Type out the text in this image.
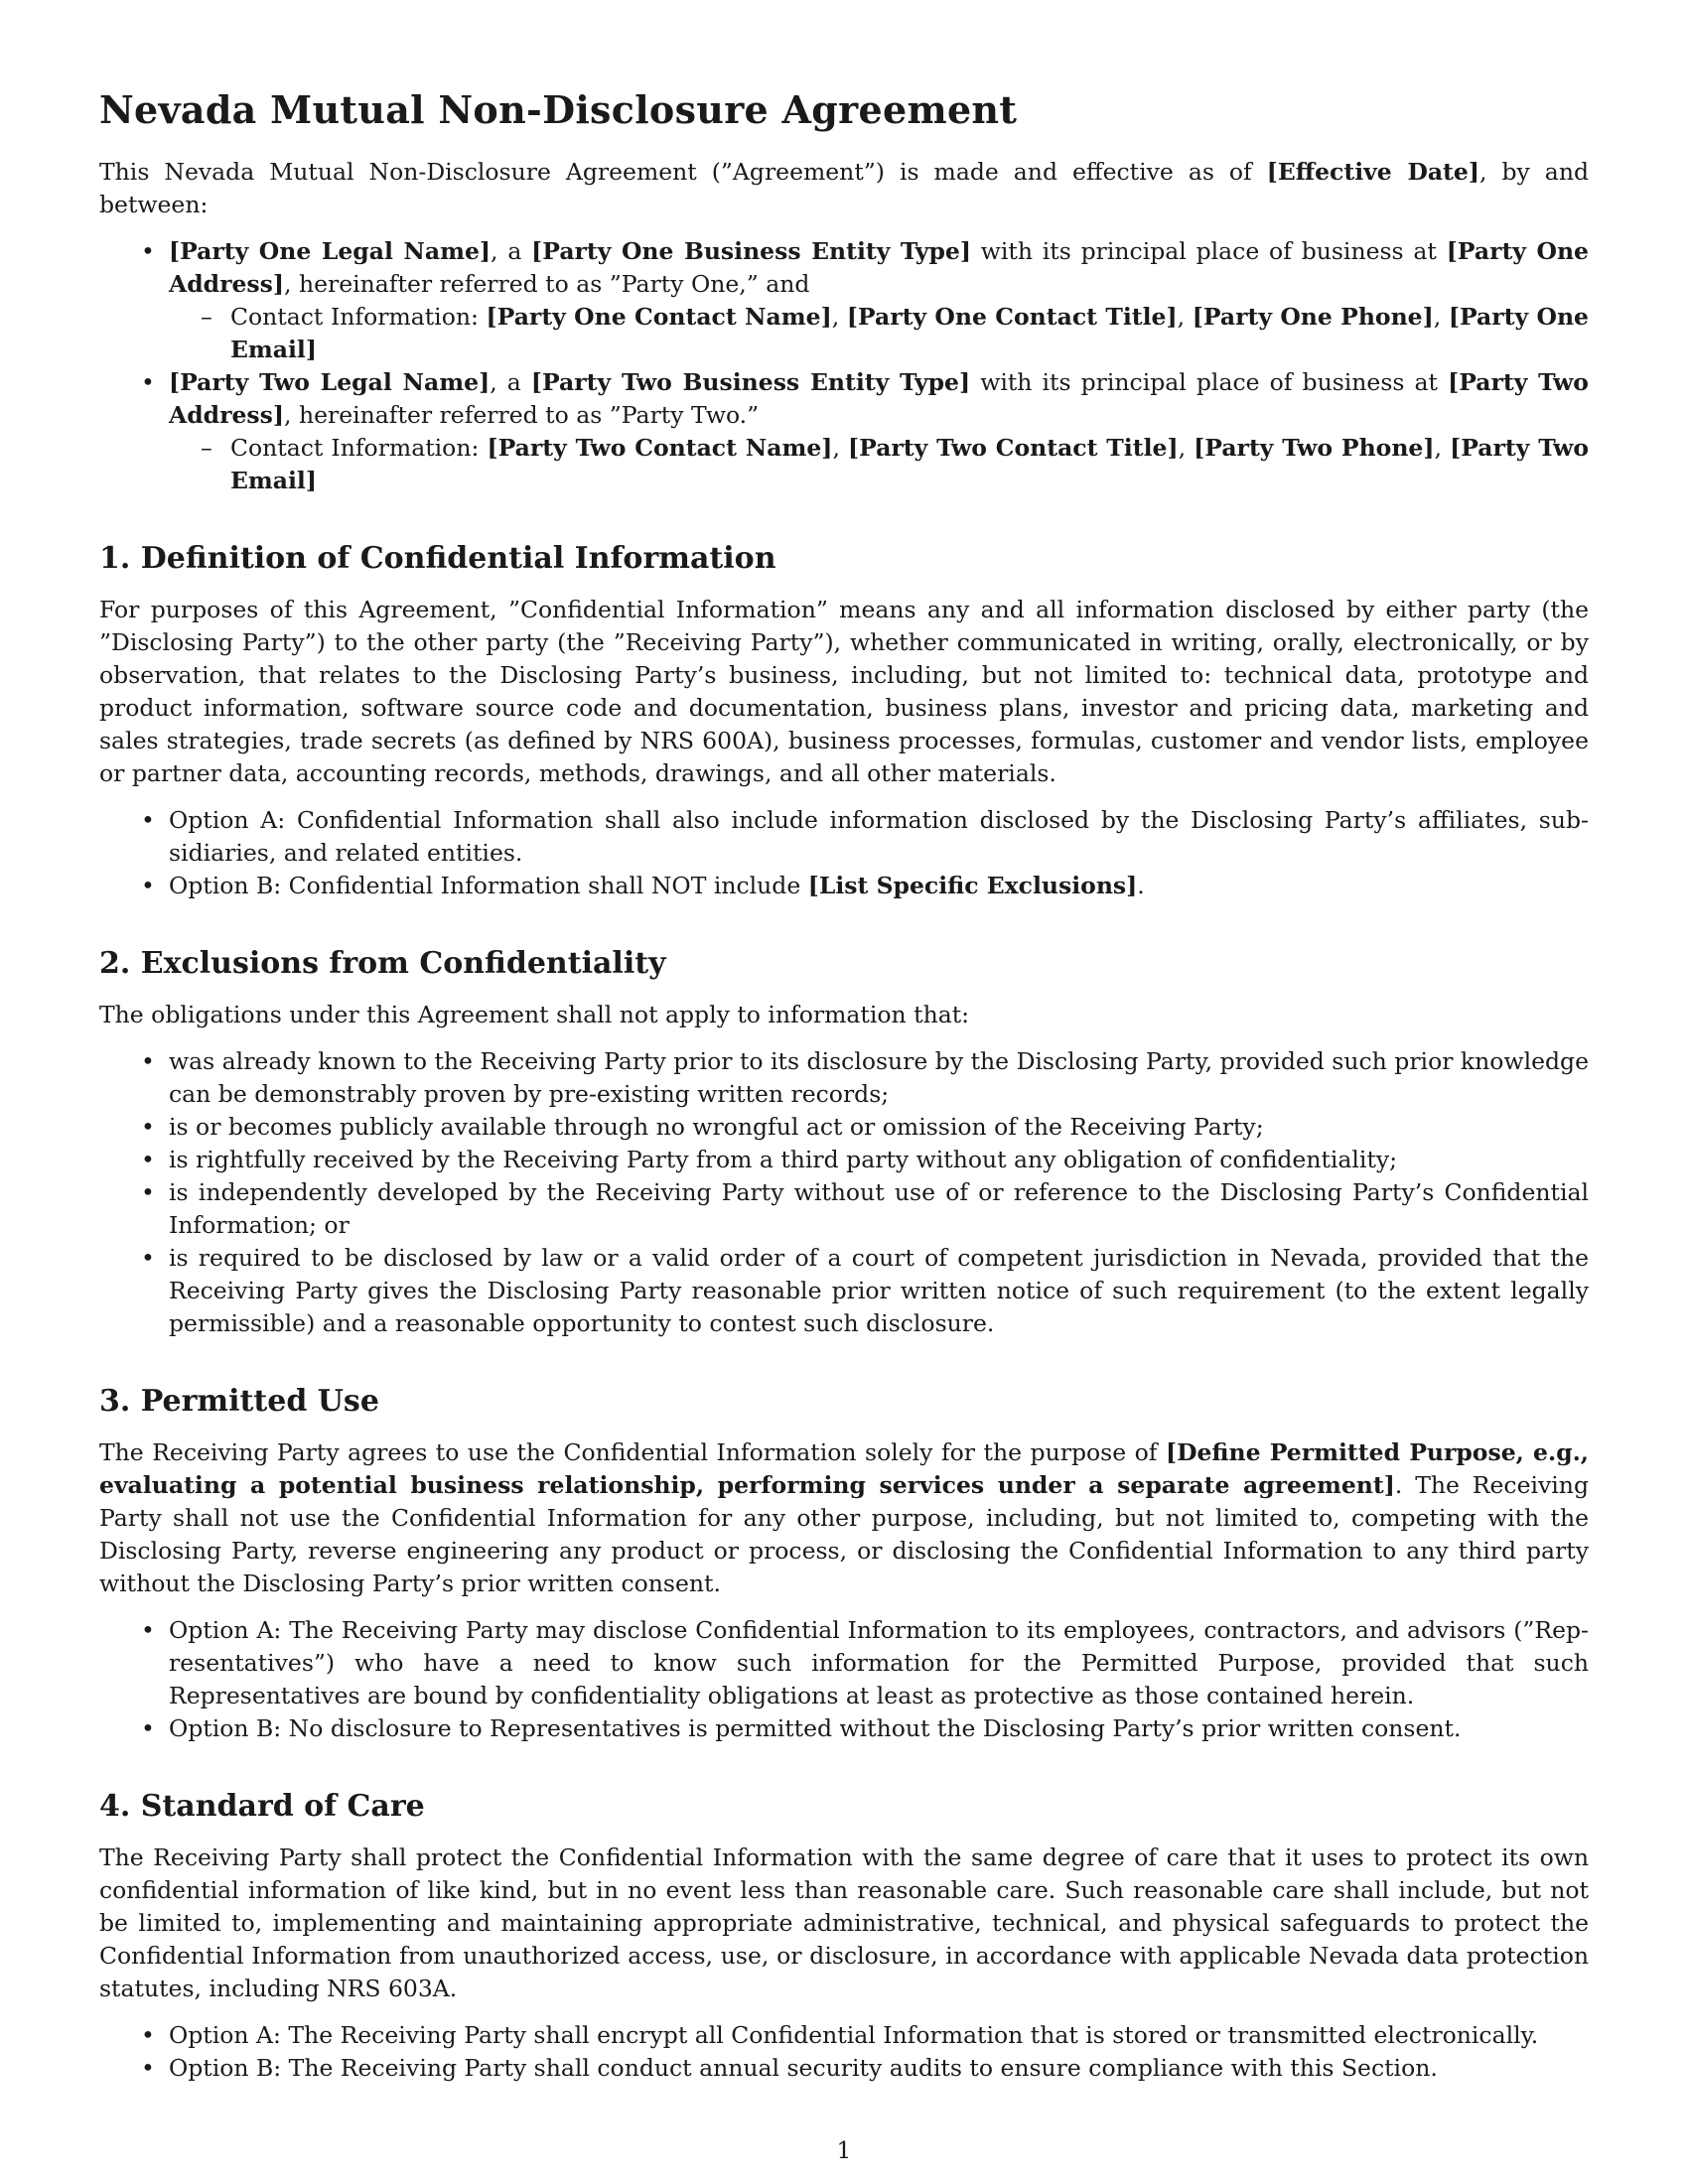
Nevada Mutual Non-Disclosure Agreement

This Nevada Mutual Non-Disclosure Agreement (”Agreement”) is made and effective as of [Effective Date], by and between:

• [Party One Legal Name], a [Party One Business Entity Type] with its principal place of business at [Party One Address], hereinafter referred to as ”Party One,” and
– Contact Information: [Party One Contact Name], [Party One Contact Title], [Party One Phone], [Party One Email]
• [Party Two Legal Name], a [Party Two Business Entity Type] with its principal place of business at [Party Two Address], hereinafter referred to as ”Party Two.”
– Contact Information: [Party Two Contact Name], [Party Two Contact Title], [Party Two Phone], [Party Two Email]
1. Definition of Confidential Information

For purposes of this Agreement, ”Confidential Information” means any and all information disclosed by either party (the ”Disclosing Party”) to the other party (the ”Receiving Party”), whether communicated in writing, orally, electronically, or by observation, that relates to the Disclosing Party’s business, including, but not limited to: technical data, prototype and product information, software source code and documentation, business plans, investor and pricing data, marketing and sales strategies, trade secrets (as defined by NRS 600A), business processes, formulas, customer and vendor lists, employee or partner data, accounting records, methods, drawings, and all other materials.

• Option A: Confidential Information shall also include information disclosed by the Disclosing Party’s affiliates, subsidiaries, and related entities.
• Option B: Confidential Information shall NOT include [List Specific Exclusions].
2. Exclusions from Confidentiality

The obligations under this Agreement shall not apply to information that:

• was already known to the Receiving Party prior to its disclosure by the Disclosing Party, provided such prior knowledge can be demonstrably proven by pre-existing written records;
• is or becomes publicly available through no wrongful act or omission of the Receiving Party;
• is rightfully received by the Receiving Party from a third party without any obligation of confidentiality;
• is independently developed by the Receiving Party without use of or reference to the Disclosing Party’s Confidential Information; or
• is required to be disclosed by law or a valid order of a court of competent jurisdiction in Nevada, provided that the Receiving Party gives the Disclosing Party reasonable prior written notice of such requirement (to the extent legally permissible) and a reasonable opportunity to contest such disclosure.
3. Permitted Use

The Receiving Party agrees to use the Confidential Information solely for the purpose of [Define Permitted Purpose, e.g., evaluating a potential business relationship, performing services under a separate agreement]. The Receiving Party shall not use the Confidential Information for any other purpose, including, but not limited to, competing with the Disclosing Party, reverse engineering any product or process, or disclosing the Confidential Information to any third party without the Disclosing Party’s prior written consent.

• Option A: The Receiving Party may disclose Confidential Information to its employees, contractors, and advisors (”Representatives”) who have a need to know such information for the Permitted Purpose, provided that such Representatives are bound by confidentiality obligations at least as protective as those contained herein.
• Option B: No disclosure to Representatives is permitted without the Disclosing Party’s prior written consent.
4. Standard of Care

The Receiving Party shall protect the Confidential Information with the same degree of care that it uses to protect its own confidential information of like kind, but in no event less than reasonable care. Such reasonable care shall include, but not be limited to, implementing and maintaining appropriate administrative, technical, and physical safeguards to protect the Confidential Information from unauthorized access, use, or disclosure, in accordance with applicable Nevada data protection statutes, including NRS 603A.

• Option A: The Receiving Party shall encrypt all Confidential Information that is stored or transmitted electronically.
• Option B: The Receiving Party shall conduct annual security audits to ensure compliance with this Section.
1
